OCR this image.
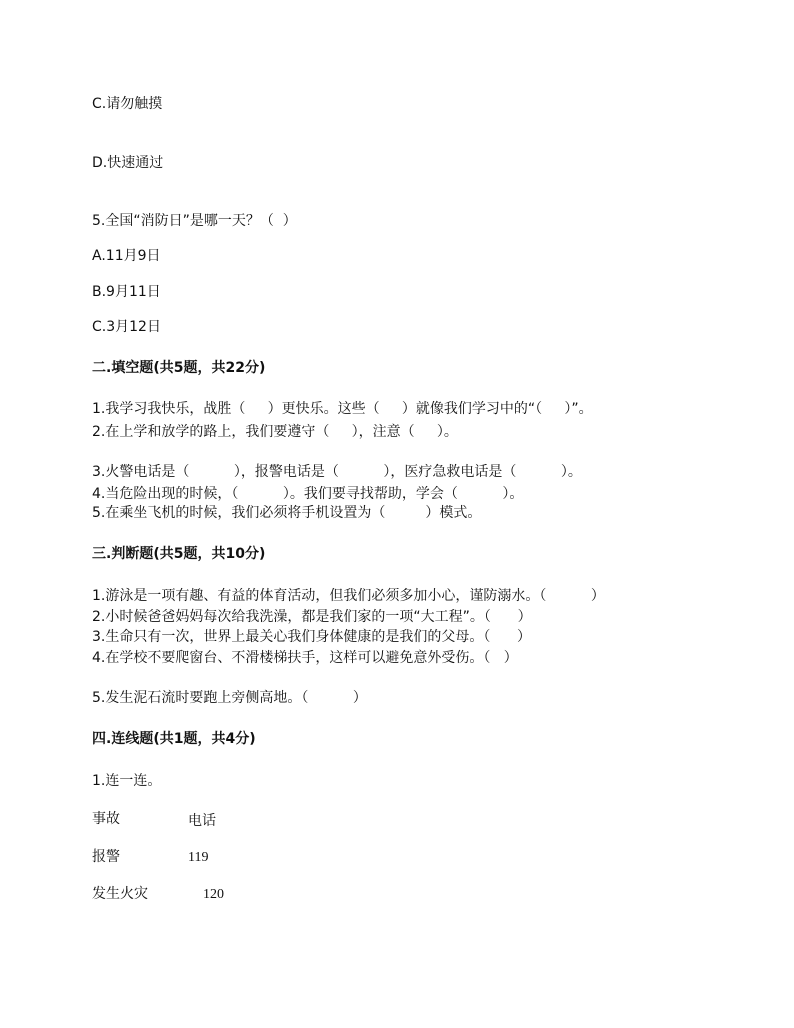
C.请勿触摸
D.快速通过
5.全国“消防日”是哪一天？（  ）
A.11月9日
B.9月11日
C.3月12日
二.填空题(共5题，共22分)
1.我学习我快乐，战胜（     ）更快乐。这些（     ）就像我们学习中的“（     ）”。
2.在上学和放学的路上，我们要遵守（     ），注意（     ）。
3.火警电话是（          ），报警电话是（          ），医疗急救电话是（          ）。
4.当危险出现的时候，（          ）。我们要寻找帮助，学会（          ）。
5.在乘坐飞机的时候，我们必须将手机设置为（         ）模式。
三.判断题(共5题，共10分)
1.游泳是一项有趣、有益的体育活动，但我们必须多加小心，谨防溺水。（          ）
2.小时候爸爸妈妈每次给我洗澡，都是我们家的一项“大工程”。（      ）
3.生命只有一次，世界上最关心我们身体健康的是我们的父母。（      ）
4.在学校不要爬窗台、不滑楼梯扶手，这样可以避免意外受伤。（   ）
5.发生泥石流时要跑上旁侧高地。（          ）
四.连线题(共1题，共4分)
1.连一连。
事故	电话
报警	119
发生火灾	120
